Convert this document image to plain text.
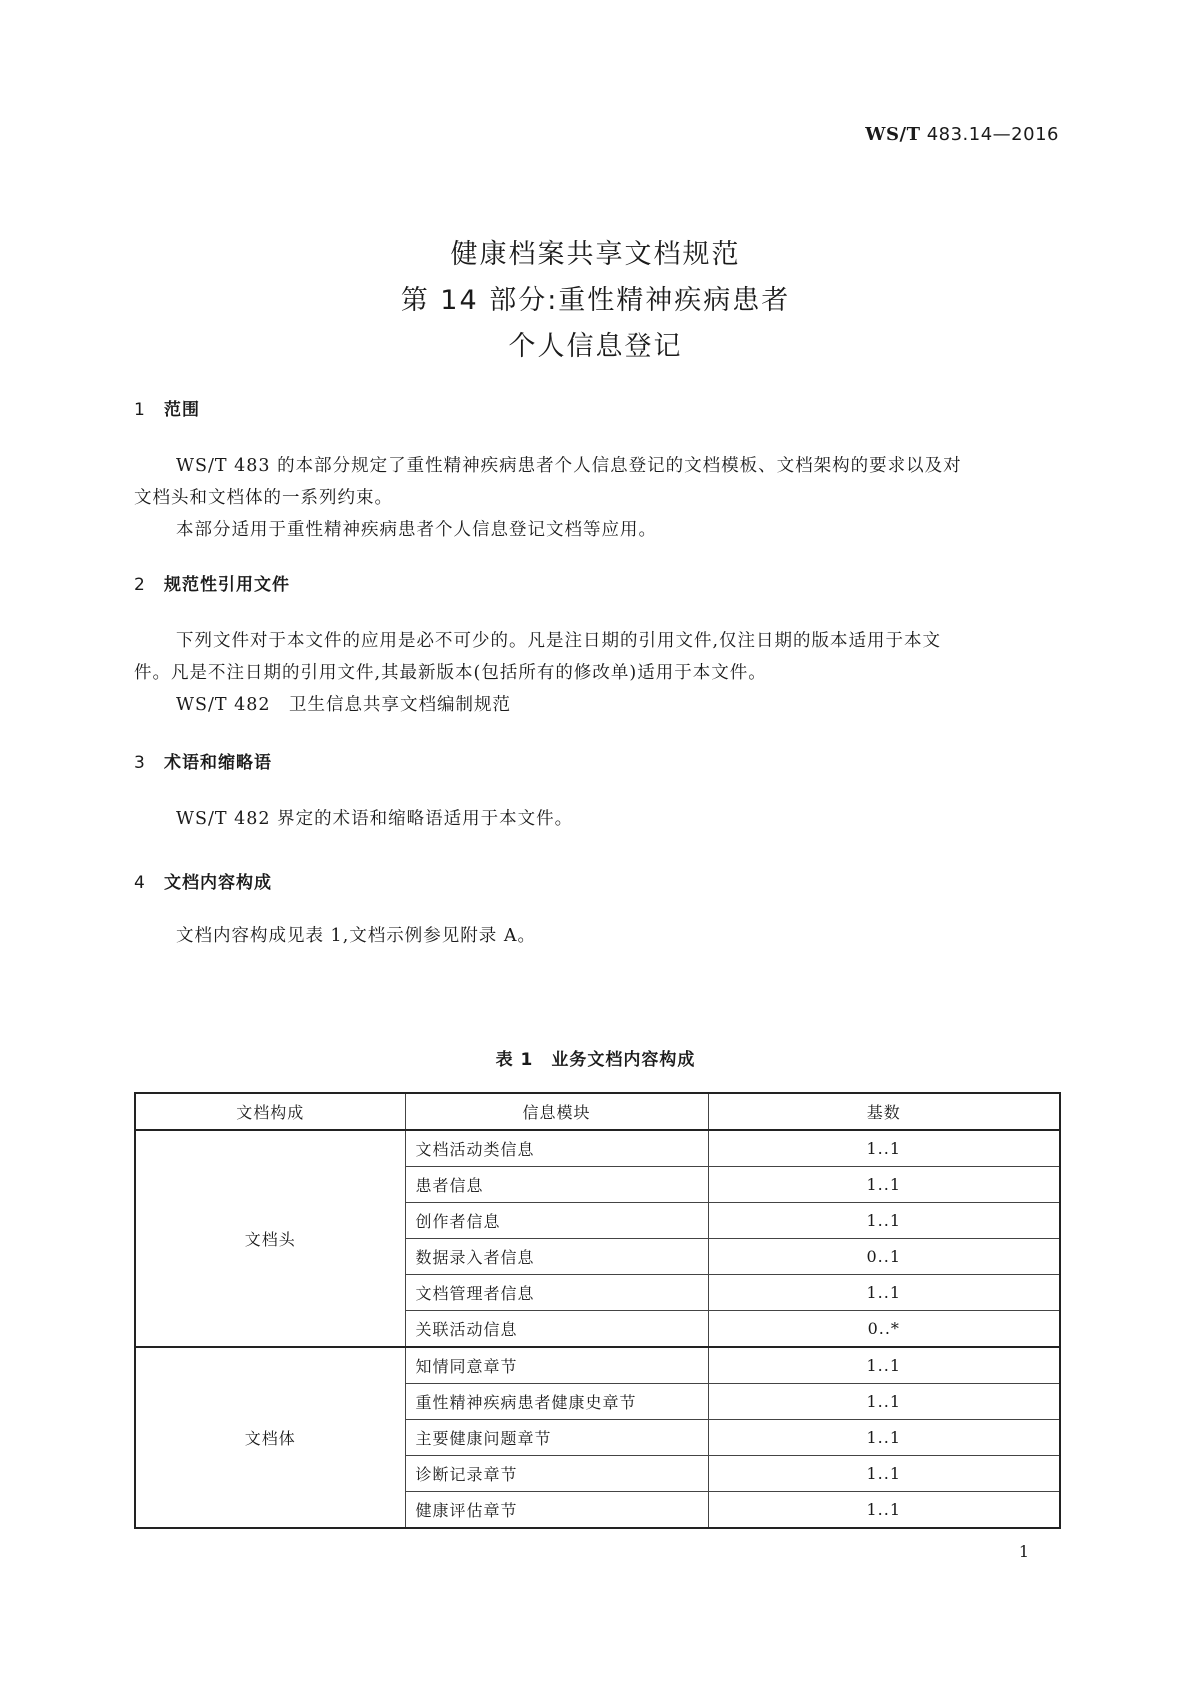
WS/T 483.14—2016
健康档案共享文档规范
第 14 部分:重性精神疾病患者
个人信息登记
1 范围
WS/T 483 的本部分规定了重性精神疾病患者个人信息登记的文档模板、文档架构的要求以及对
文档头和文档体的一系列约束。
本部分适用于重性精神疾病患者个人信息登记文档等应用。
2 规范性引用文件
下列文件对于本文件的应用是必不可少的。凡是注日期的引用文件,仅注日期的版本适用于本文
件。凡是不注日期的引用文件,其最新版本(包括所有的修改单)适用于本文件。
WS/T 482　卫生信息共享文档编制规范
3 术语和缩略语
WS/T 482 界定的术语和缩略语适用于本文件。
4 文档内容构成
文档内容构成见表 1,文档示例参见附录 A。
表 1　业务文档内容构成
文档构成	信息模块	基数
文档头	文档活动类信息	1..1
	患者信息	1..1
	创作者信息	1..1
	数据录入者信息	0..1
	文档管理者信息	1..1
	关联活动信息	0..*
文档体	知情同意章节	1..1
	重性精神疾病患者健康史章节	1..1
	主要健康问题章节	1..1
	诊断记录章节	1..1
	健康评估章节	1..1
1
